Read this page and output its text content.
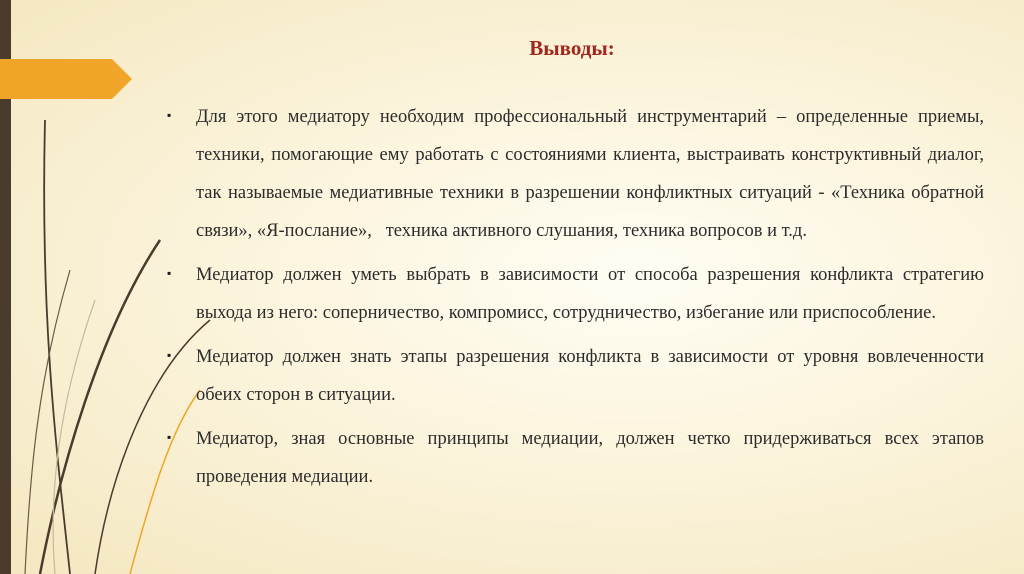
Выводы:
▪ Для этого медиатору необходим профессиональный инструментарий – определенные приемы, техники, помогающие ему работать с состояниями клиента, выстраивать конструктивный диалог, так называемые медиативные техники в разрешении конфликтных ситуаций - «Техника обратной связи», «Я-послание»,   техника активного слушания, техника вопросов и т.д.
▪ Медиатор должен уметь выбрать в зависимости от способа разрешения конфликта стратегию выхода из него: соперничество, компромисс, сотрудничество, избегание или приспособление.
▪ Медиатор должен знать этапы разрешения конфликта в зависимости от уровня вовлеченности обеих сторон в ситуации.
▪ Медиатор, зная основные принципы медиации, должен четко придерживаться всех этапов проведения медиации.
